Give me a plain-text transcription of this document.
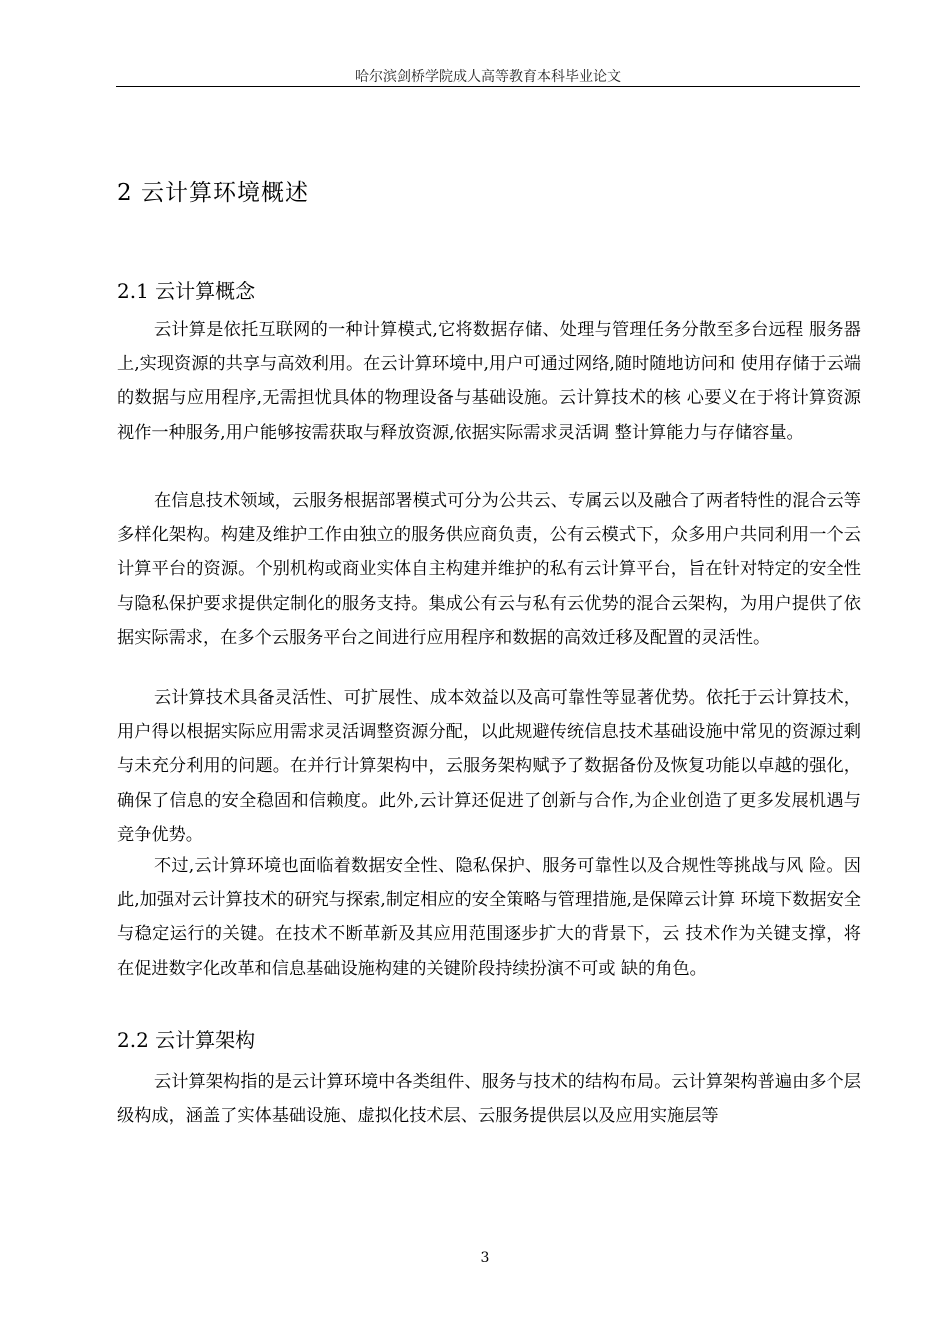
哈尔滨剑桥学院成人高等教育本科毕业论文
2 云计算环境概述
2.1 云计算概念

云计算是依托互联网的一种计算模式,它将数据存储、处理与管理任务分散至多台远程 服务器上,实现资源的共享与高效利用。在云计算环境中,用户可通过网络,随时随地访问和 使用存储于云端的数据与应用程序,无需担忧具体的物理设备与基础设施。云计算技术的核 心要义在于将计算资源视作一种服务,用户能够按需获取与释放资源,依据实际需求灵活调 整计算能力与存储容量。

在信息技术领域，云服务根据部署模式可分为公共云、专属云以及融合了两者特性的混合云等多样化架构。构建及维护工作由独立的服务供应商负责，公有云模式下，众多用户共同利用一个云计算平台的资源。个别机构或商业实体自主构建并维护的私有云计算平台，旨在针对特定的安全性与隐私保护要求提供定制化的服务支持。集成公有云与私有云优势的混合云架构，为用户提供了依据实际需求，在多个云服务平台之间进行应用程序和数据的高效迁移及配置的灵活性。

云计算技术具备灵活性、可扩展性、成本效益以及高可靠性等显著优势。依托于云计算技术，用户得以根据实际应用需求灵活调整资源分配，以此规避传统信息技术基础设施中常见的资源过剩与未充分利用的问题。在并行计算架构中，云服务架构赋予了数据备份及恢复功能以卓越的强化，确保了信息的安全稳固和信赖度。此外,云计算还促进了创新与合作,为企业创造了更多发展机遇与竞争优势。

不过,云计算环境也面临着数据安全性、隐私保护、服务可靠性以及合规性等挑战与风 险。因此,加强对云计算技术的研究与探索,制定相应的安全策略与管理措施,是保障云计算 环境下数据安全与稳定运行的关键。在技术不断革新及其应用范围逐步扩大的背景下，云 技术作为关键支撑，将在促进数字化改革和信息基础设施构建的关键阶段持续扮演不可或 缺的角色。

2.2 云计算架构

云计算架构指的是云计算环境中各类组件、服务与技术的结构布局。云计算架构普遍由多个层级构成，涵盖了实体基础设施、虚拟化技术层、云服务提供层以及应用实施层等

3
